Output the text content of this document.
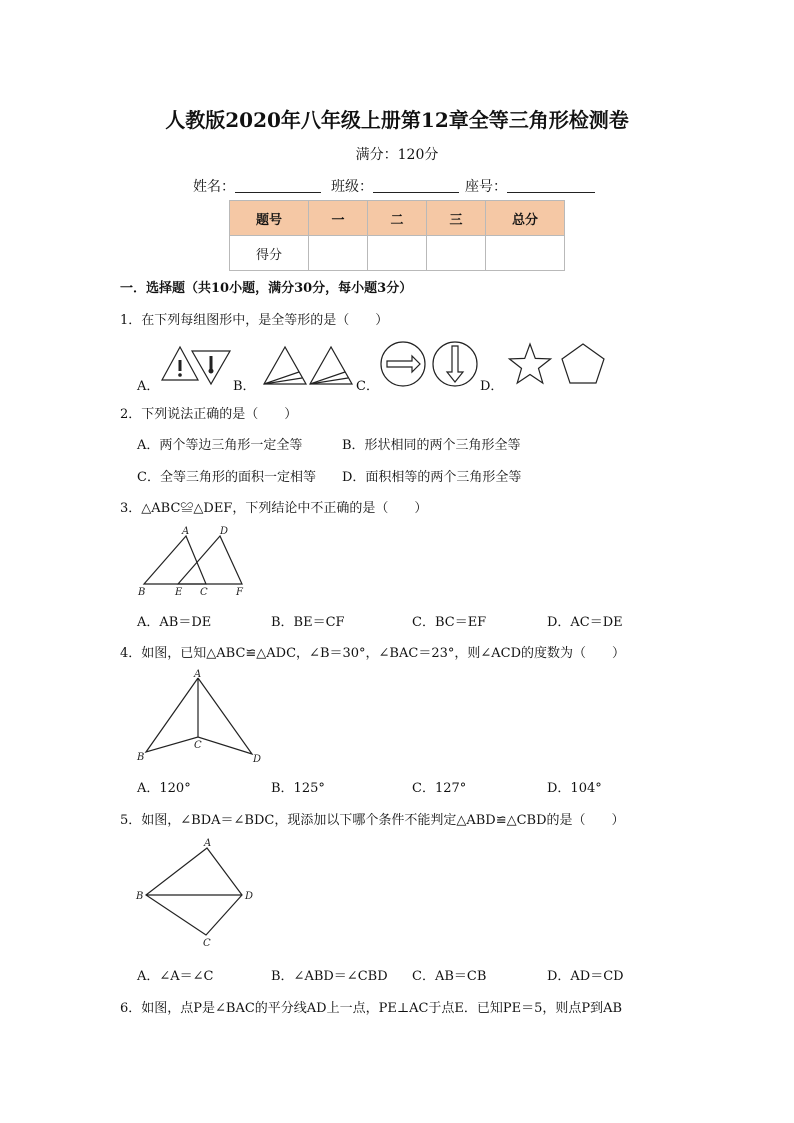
人教版2020年八年级上册第12章全等三角形检测卷
满分：120分
姓名：	班级：	座号：
题号	一	二	三	总分
得分				
一．选择题（共10小题，满分30分，每小题3分）
1．在下列每组图形中，是全等形的是（　　）
A．	B．	C．	D．
2．下列说法正确的是（　　）
A．两个等边三角形一定全等	B．形状相同的两个三角形全等
C．全等三角形的面积一定相等 D．面积相等的两个三角形全等
3．△ABC≌△DEF，下列结论中不正确的是（　　）
A	D
B	E C	F
A．AB＝DE	B．BE＝CF	C．BC＝EF	D．AC＝DE
4．如图，已知△ABC≌△ADC，∠B＝30°，∠BAC＝23°，则∠ACD的度数为（　　）
A
B
C
D
A．120°	B．125°	C．127°	D．104°
5．如图，∠BDA＝∠BDC，现添加以下哪个条件不能判定△ABD≌△CBD的是（　　）
A
B	D
C
A．∠A＝∠C	B．∠ABD＝∠CBD C．AB＝CB	D．AD＝CD
6．如图，点P是∠BAC的平分线AD上一点，PE⊥AC于点E．已知PE＝5，则点P到AB
